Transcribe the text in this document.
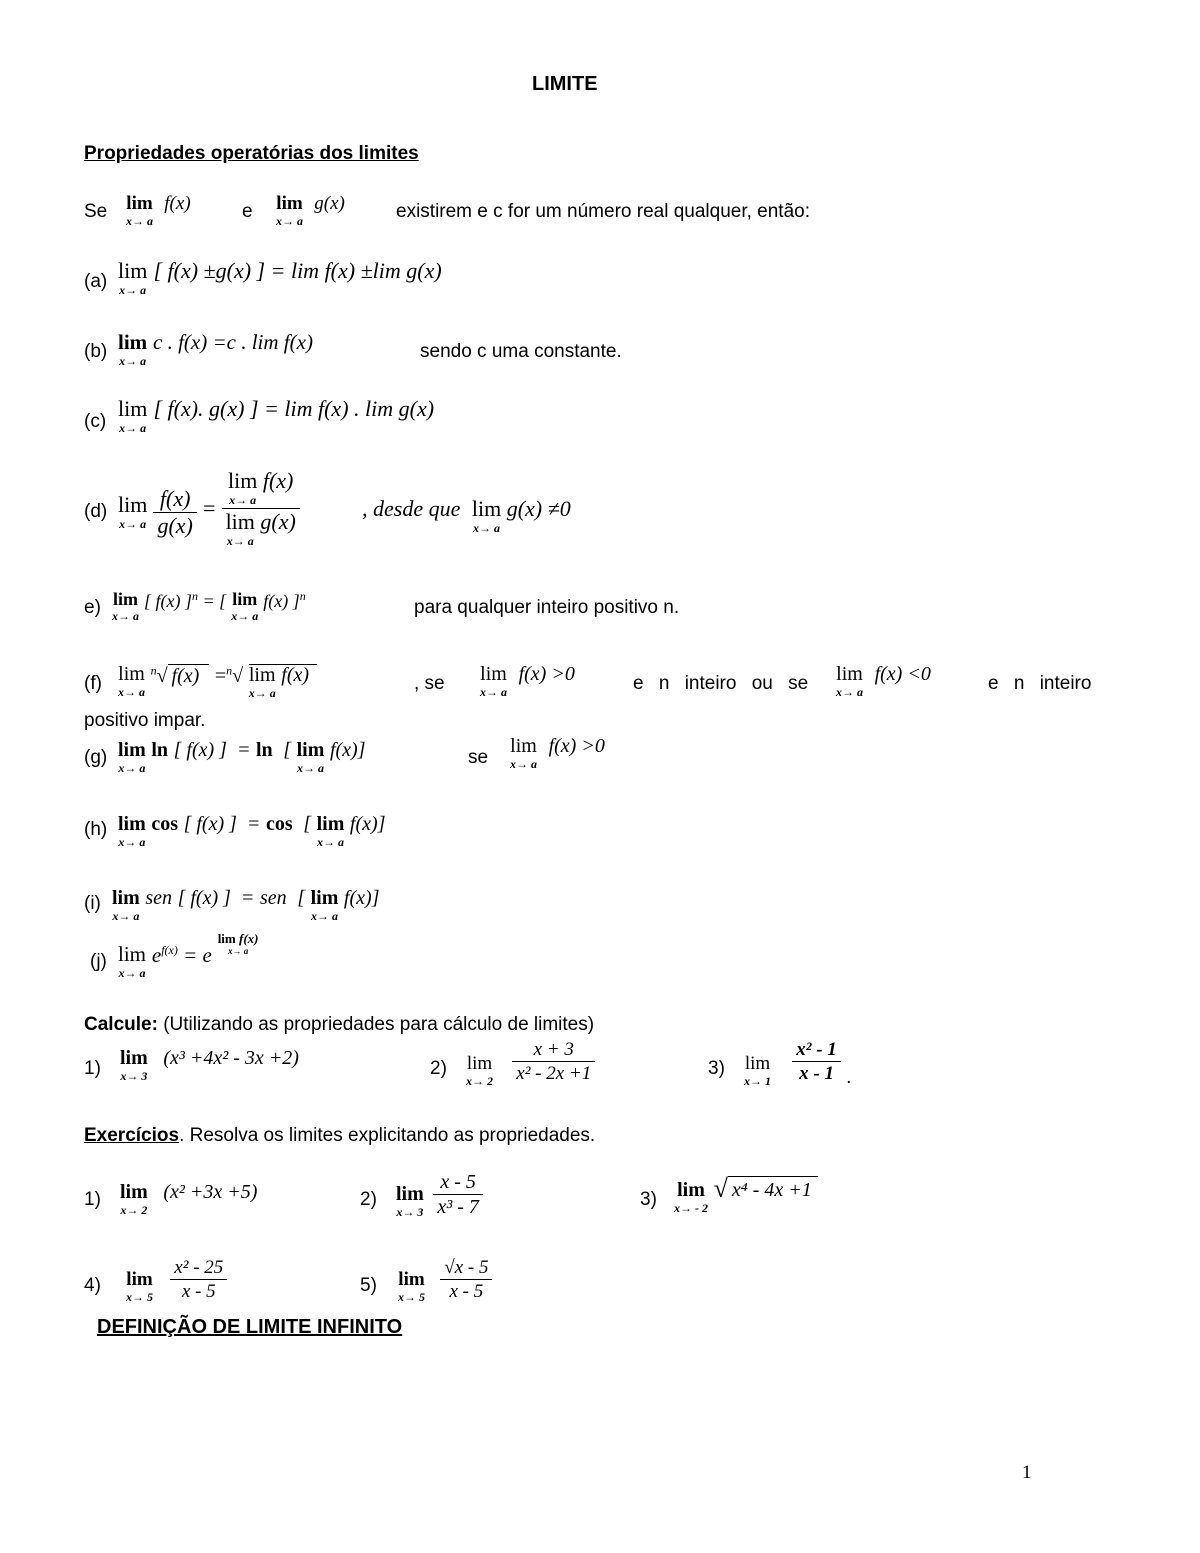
LIMITE
Propriedades operatórias dos limites
Se lim
x→ a
f(x)	e lim
x→ a
g(x)	existirem e c for um número real qualquer, então:
(a) lim
x→ a
[ f(x) ±g(x) ] = lim f(x) ±lim g(x)
(b) lim
x→ a
c . f(x) =c . lim f(x)	sendo c uma constante.
(c)
lim
x→ a
[ f(x). g(x) ] = lim f(x) . lim g(x)
(d) lim
x→ a
$\frac{f(x)}{g(x)} = \lim$
x→ a
f(x)
lim
x→ a
g(x)	, desde que lim
x→ a
g(x) ≠0
e) lim
x→ a
[ f(x) ]$^n$ = [ lim
x→ a
f(x) ]$^n$
para qualquer inteiro positivo n.
(f) lim
x→ a
$^n$√ f(x) =$^n$√ lim
x→ a
f(x)	, se lim
x→ a
f(x) >0	e n inteiro ou se lim
x→ a
f(x) <0	e n inteiro
positivo impar.
(g) lim
x→ a
ln [ f(x) ]  = ln  [ lim
x→ a
f(x)]	se
lim
x→ a
f(x) >0
(h) lim
x→ a
cos [ f(x) ]  = cos  [ lim
x→ a
f(x)]
(i) lim
x→ a
sen [ f(x) ]  = sen  [ lim
x→ a
f(x)]
(j) lim
x→ a
$e^{f(x)} = e$
lim f(x)
x→ a
Calcule: (Utilizando as propriedades para cálculo de limites)
1) lim
x→ 3
(x³ +4x² - 3x +2)	2) lim
x→ 2
$\frac{x + 3}{\text{x² - 2x +1}}$	3) lim
x→ 1
$\frac{\text{x² - 1}}{x - 1}$ .
Exercícios. Resolva os limites explicitando as propriedades.
1) lim
x→ 2
(x² +3x +5)	2) lim
x→ 3
$\frac{x - 5}{\text{x³ - 7}}$	3) lim
x→ - 2
√ x⁴ - 4x +1
4) lim
x→ 5
$\frac{\text{x² - 25}}{x - 5}$	5) lim
x→ 5
$\frac{√x - 5}{x - 5}$
DEFINIÇÃO DE LIMITE INFINITO
1
